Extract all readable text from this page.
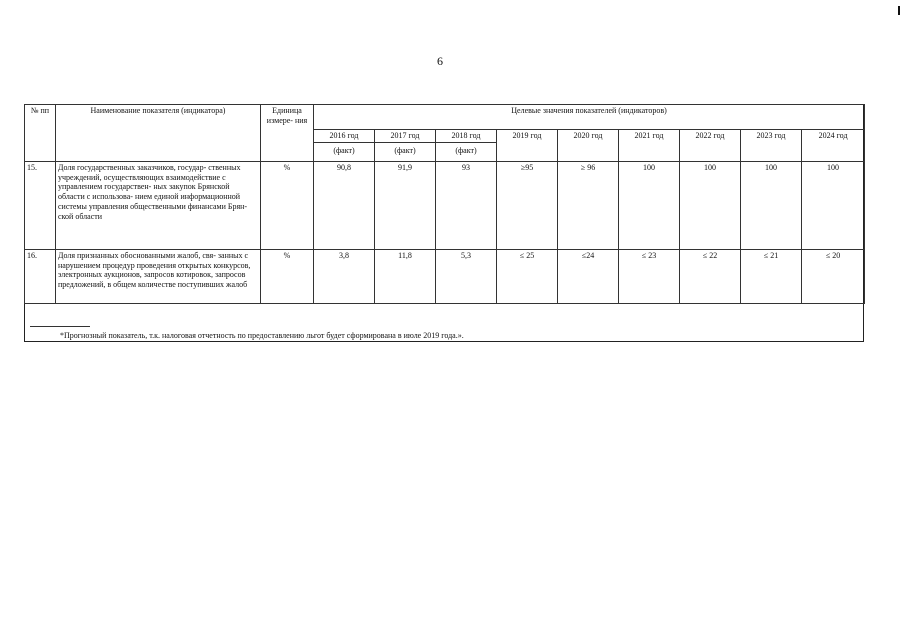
6
№ пп	Наименование показателя (индикатора)	Единица измере- ния	Целевые значения показателей (индикаторов)								
			2016 год	2017 год	2018 год	2019 год	2020 год	2021 год	2022 год	2023 год	2024 год
			(факт)	(факт)	(факт)						
15.	Доля государственных заказчиков, государ- ственных учреждений, осуществляющих взаимодействие с управлением государствен- ных закупок Брянской области с использова- нием единой информационной системы управления общественными финансами Брян- ской области	%	90,8	91,9	93	≥95	≥ 96	100	100	100	100
16.	Доля признанных обоснованными жалоб, свя- занных с нарушением процедур проведения открытых конкурсов, электронных аукционов, запросов котировок, запросов предложений, в общем количестве поступивших жалоб	%	3,8	11,8	5,3	≤ 25	≤24	≤ 23	≤ 22	≤ 21	≤ 20
*Прогнозный показатель, т.к. налоговая отчетность по предоставлению льгот будет сформирована в июле 2019 года.».
